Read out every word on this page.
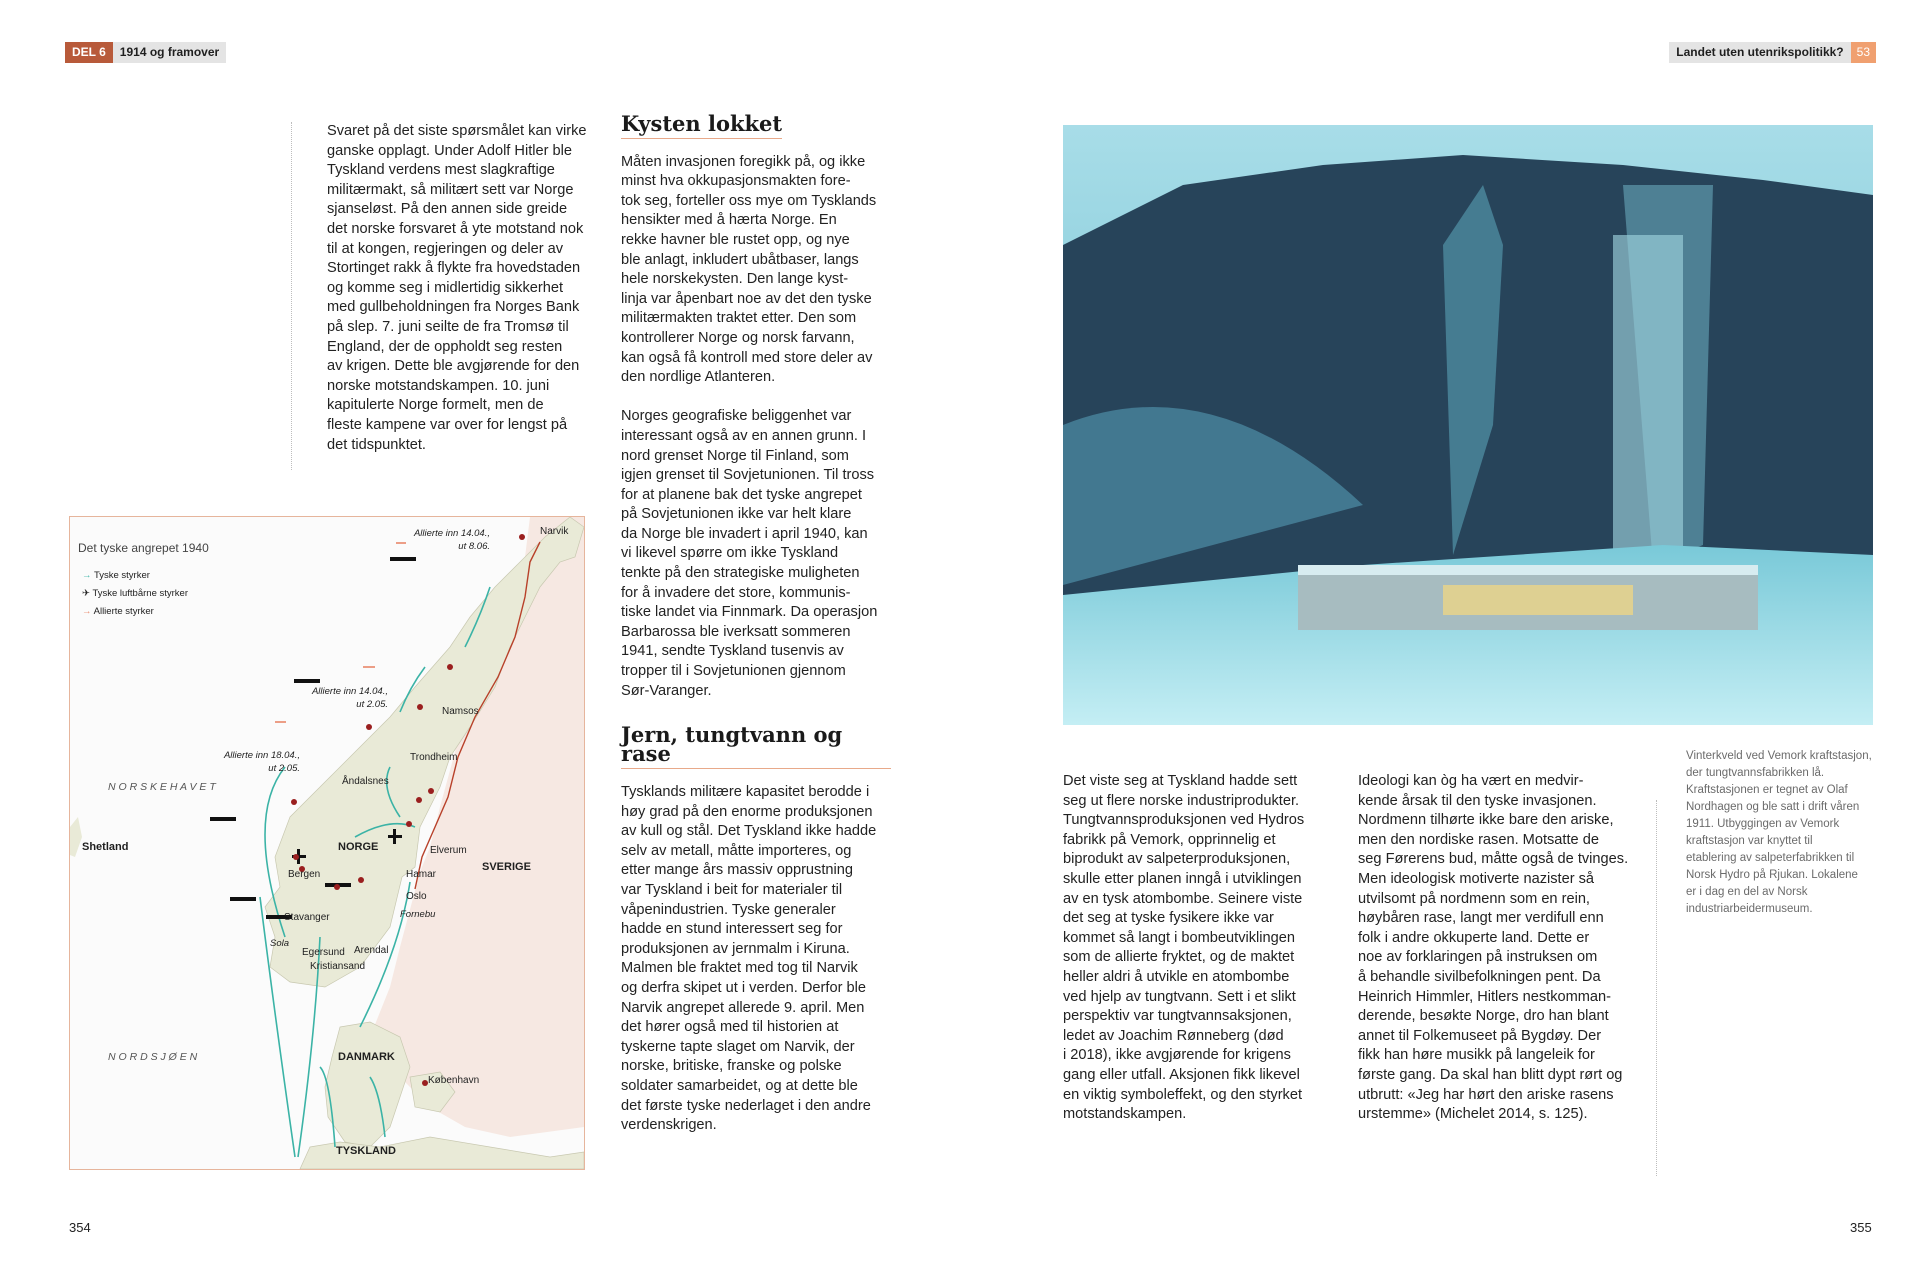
DEL 6	1914 og framover	Landet uten utenrikspolitikk?	53

Svaret på det siste spørsmålet kan virke
ganske opplagt. Under Adolf Hitler ble
Tyskland verdens mest slagkraftige
militærmakt, så militært sett var Norge
sjanseløst. På den annen side greide
det norske forsvaret å yte motstand nok
til at kongen, regjeringen og deler av
Stortinget rakk å flykte fra hovedstaden
og komme seg i midlertidig sikkerhet
med gullbeholdningen fra Norges Bank
på slep. 7. juni seilte de fra Tromsø til
England, der de oppholdt seg resten
av krigen. Dette ble avgjørende for den
norske motstandskampen. 10. juni
kapitulerte Norge formelt, men de
fleste kampene var over for lengst på
det tidspunktet.

Det tyske angrepet 1940
→ Tyske styrker
✈ Tyske luftbårne styrker
→ Allierte styrker
N O R S K E H A V E T
N O R D S J Ø E N
Shetland	NORGE
SVERIGE
DANMARK
TYSKLAND
Narvik
Namsos
Trondheim
Åndalsnes
Bergen
Elverum
Hamar
Oslo
Fornebu
Stavanger
Sola
Egersund Arendal
Kristiansand
København
Allierte inn 14.04.,
ut 8.06.
Allierte inn 14.04.,
ut 2.05.
Allierte inn 18.04.,
ut 2.05.
Kysten lokket

Måten invasjonen foregikk på, og ikke
minst hva okkupasjonsmakten fore-
tok seg, forteller oss mye om Tysklands
hensikter med å hærta Norge. En
rekke havner ble rustet opp, og nye
ble anlagt, inkludert ubåtbaser, langs
hele norskekysten. Den lange kyst-
linja var åpenbart noe av det den tyske
militærmakten traktet etter. Den som
kontrollerer Norge og norsk farvann,
kan også få kontroll med store deler av
den nordlige Atlanteren.

Norges geografiske beliggenhet var
interessant også av en annen grunn. I
nord grenset Norge til Finland, som
igjen grenset til Sovjetunionen. Til tross
for at planene bak det tyske angrepet
på Sovjetunionen ikke var helt klare
da Norge ble invadert i april 1940, kan
vi likevel spørre om ikke Tyskland
tenkte på den strategiske muligheten
for å invadere det store, kommunis-
tiske landet via Finnmark. Da operasjon
Barbarossa ble iverksatt sommeren
1941, sendte Tyskland tusenvis av
tropper til i Sovjetunionen gjennom
Sør-Varanger.

Jern, tungtvann og rase

Tysklands militære kapasitet berodde i
høy grad på den enorme produksjonen
av kull og stål. Det Tyskland ikke hadde
selv av metall, måtte importeres, og
etter mange års massiv opprustning
var Tyskland i beit for materialer til
våpenindustrien. Tyske generaler
hadde en stund interessert seg for
produksjonen av jernmalm i Kiruna.
Malmen ble fraktet med tog til Narvik
og derfra skipet ut i verden. Derfor ble
Narvik angrepet allerede 9. april. Men
det hører også med til historien at
tyskerne tapte slaget om Narvik, der
norske, britiske, franske og polske
soldater samarbeidet, og at dette ble
det første tyske nederlaget i den andre
verdenskrigen.

Det viste seg at Tyskland hadde sett
seg ut flere norske industriprodukter.
Tungtvannsproduksjonen ved Hydros
fabrikk på Vemork, opprinnelig et
biprodukt av salpeterproduksjonen,
skulle etter planen inngå i utviklingen
av en tysk atombombe. Seinere viste
det seg at tyske fysikere ikke var
kommet så langt i bombeutviklingen
som de allierte fryktet, og de maktet
heller aldri å utvikle en atombombe
ved hjelp av tungtvann. Sett i et slikt
perspektiv var tungtvannsaksjonen,
ledet av Joachim Rønneberg (død
i 2018), ikke avgjørende for krigens
gang eller utfall. Aksjonen fikk likevel
en viktig symboleffekt, og den styrket
motstandskampen.

Ideologi kan òg ha vært en medvir-
kende årsak til den tyske invasjonen.
Nordmenn tilhørte ikke bare den ariske,
men den nordiske rasen. Motsatte de
seg Førerens bud, måtte også de tvinges.
Men ideologisk motiverte nazister så
utvilsomt på nordmenn som en rein,
høybåren rase, langt mer verdifull enn
folk i andre okkuperte land. Dette er
noe av forklaringen på instruksen om
å behandle sivilbefolkningen pent. Da
Heinrich Himmler, Hitlers nestkomman-
derende, besøkte Norge, dro han blant
annet til Folkemuseet på Bygdøy. Der
fikk han høre musikk på langeleik for
første gang. Da skal han blitt dypt rørt og
utbrutt: «Jeg har hørt den ariske rasens
urstemme» (Michelet 2014, s. 125).

Vinterkveld ved Vemork kraftstasjon,
der tungtvannsfabrikken lå.
Kraftstasjonen er tegnet av Olaf
Nordhagen og ble satt i drift våren
1911. Utbyggingen av Vemork
kraftstasjon var knyttet til
etablering av salpeterfabrikken til
Norsk Hydro på Rjukan. Lokalene
er i dag en del av Norsk
industriarbeidermuseum.
354	355
